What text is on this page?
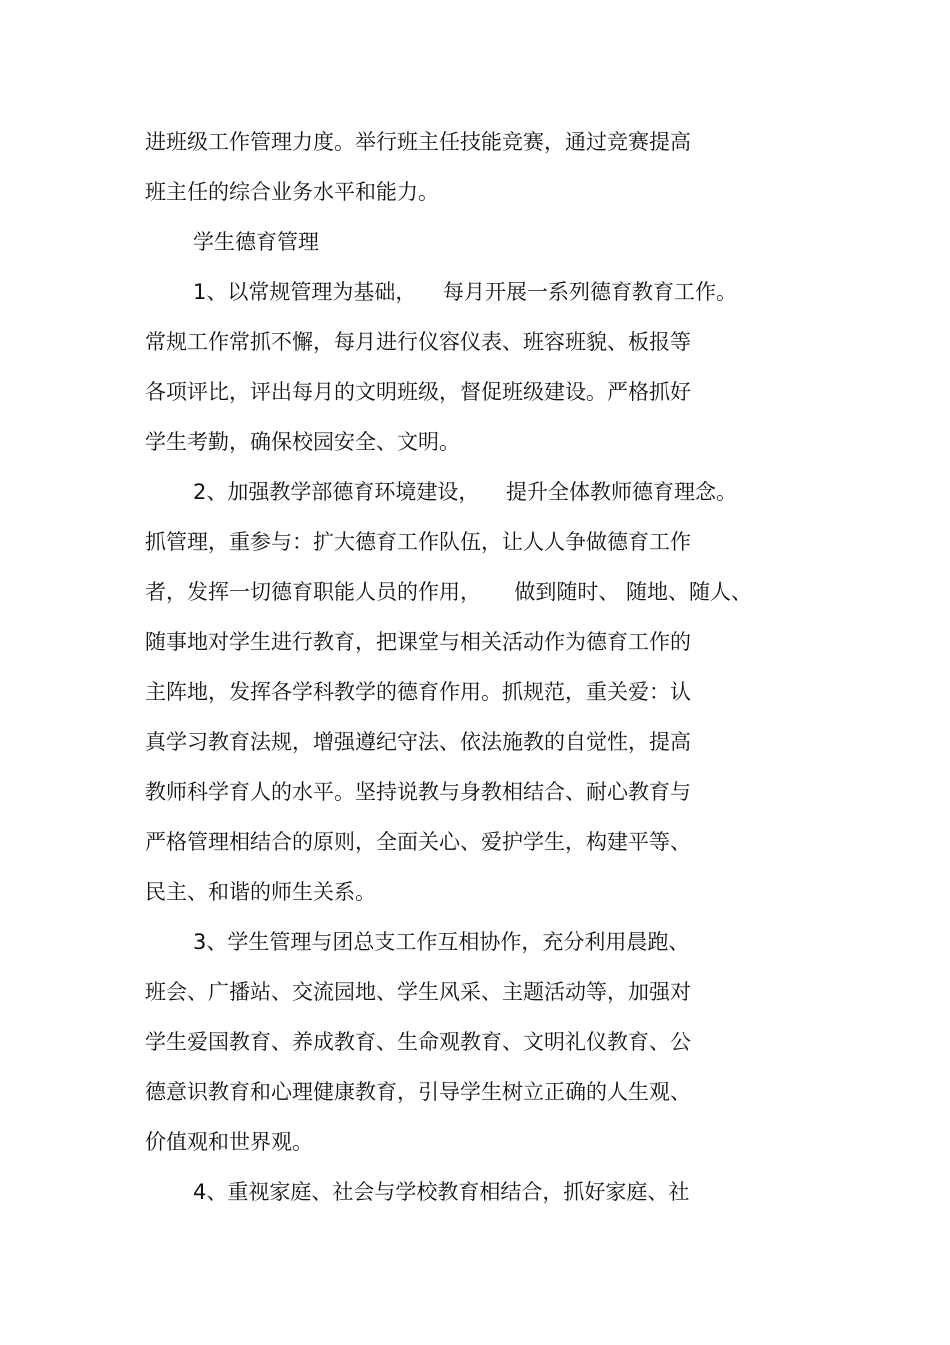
进班级工作管理力度。举行班主任技能竞赛，通过竞赛提高

班主任的综合业务水平和能力。

学生德育管理

1、以常规管理为基础，    每月开展一系列德育教育工作。

常规工作常抓不懈，每月进行仪容仪表、班容班貌、板报等

各项评比，评出每月的文明班级，督促班级建设。严格抓好

学生考勤，确保校园安全、文明。

2、加强教学部德育环境建设，    提升全体教师德育理念。

抓管理，重参与：扩大德育工作队伍，让人人争做德育工作

者，发挥一切德育职能人员的作用，     做到随时、 随地、随人、

随事地对学生进行教育，把课堂与相关活动作为德育工作的

主阵地，发挥各学科教学的德育作用。抓规范，重关爱：认

真学习教育法规，增强遵纪守法、依法施教的自觉性，提高

教师科学育人的水平。坚持说教与身教相结合、耐心教育与

严格管理相结合的原则，全面关心、爱护学生，构建平等、

民主、和谐的师生关系。

3、学生管理与团总支工作互相协作，充分利用晨跑、

班会、广播站、交流园地、学生风采、主题活动等，加强对

学生爱国教育、养成教育、生命观教育、文明礼仪教育、公

德意识教育和心理健康教育，引导学生树立正确的人生观、

价值观和世界观。

4、重视家庭、社会与学校教育相结合，抓好家庭、社
